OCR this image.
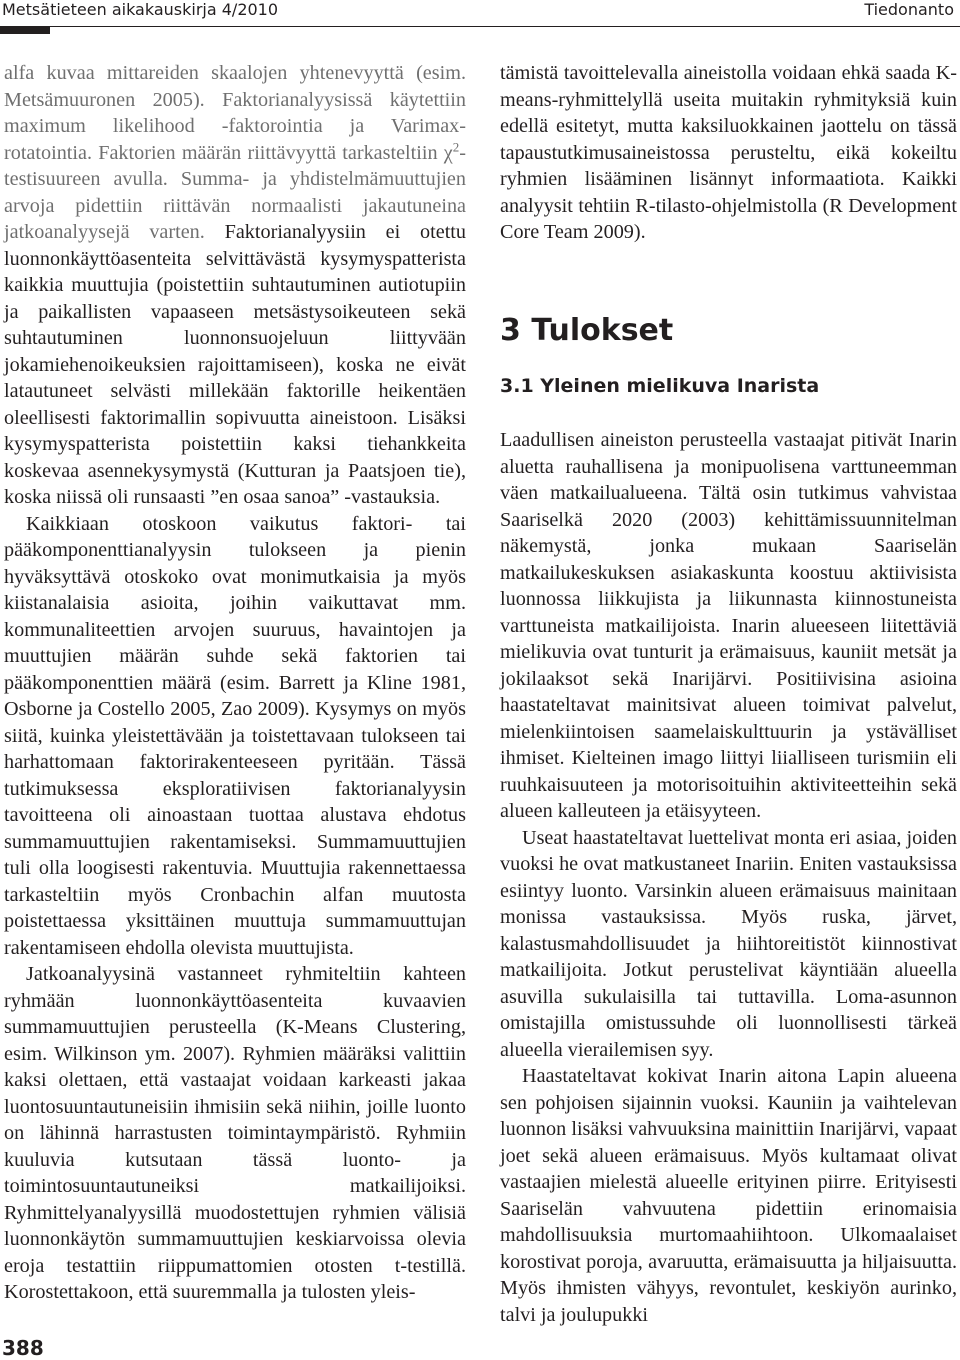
Metsätieteen aikakauskirja 4/2010	Tiedonanto

alfa kuvaa mittareiden skaalojen yhtenevyyttä (esim. Metsämuuronen 2005). Faktorianalyysissä käytettiin maximum likelihood -faktorointia ja Varimax-rotatointia. Faktorien määrän riittävyyttä tarkasteltiin $\chi^2$-testisuureen avulla. Summa- ja yhdistelmämuuttujien arvoja pidettiin riittävän normaalisti jakautuneina jatkoanalyysejä varten. Faktorianalyysiin ei otettu luonnonkäyttöasenteita selvittävästä kysymyspatterista kaikkia muuttujia (poistettiin suhtautuminen autiotupiin ja paikallisten vapaaseen metsästysoikeuteen sekä suhtautuminen luonnonsuojeluun liittyvään jokamiehenoikeuksien rajoittamiseen), koska ne eivät latautuneet selvästi millekään faktorille heikentäen oleellisesti faktorimallin sopivuutta aineistoon. Lisäksi kysymyspatterista poistettiin kaksi tiehankkeita koskevaa asennekysymystä (Kutturan ja Paatsjoen tie), koska niissä oli runsaasti ”en osaa sanoa” -vastauksia.

Kaikkiaan otoskoon vaikutus faktori- tai pääkomponenttianalyysin tulokseen ja pienin hyväksyttävä otoskoko ovat monimutkaisia ja myös kiistanalaisia asioita, joihin vaikuttavat mm. kommunaliteettien arvojen suuruus, havaintojen ja muuttujien määrän suhde sekä faktorien tai pääkomponenttien määrä (esim. Barrett ja Kline 1981, Osborne ja Costello 2005, Zao 2009). Kysymys on myös siitä, kuinka yleistettävään ja toistettavaan tulokseen tai harhattomaan faktorirakenteeseen pyritään. Tässä tutkimuksessa eksploratiivisen faktorianalyysin tavoitteena oli ainoastaan tuottaa alustava ehdotus summamuuttujien rakentamiseksi. Summamuuttujien tuli olla loogisesti rakentuvia. Muuttujia rakennettaessa tarkasteltiin myös Cronbachin alfan muutosta poistettaessa yksittäinen muuttuja summamuuttujan rakentamiseen ehdolla olevista muuttujista.

Jatkoanalyysinä vastanneet ryhmiteltiin kahteen ryhmään luonnonkäyttöasenteita kuvaavien summamuuttujien perusteella (K-Means Clustering, esim. Wilkinson ym. 2007). Ryhmien määräksi valittiin kaksi olettaen, että vastaajat voidaan karkeasti jakaa luontosuuntautuneisiin ihmisiin sekä niihin, joille luonto on lähinnä harrastusten toimintaympäristö. Ryhmiin kuuluvia kutsutaan tässä luonto- ja toimintosuuntautuneiksi matkailijoiksi. Ryhmittelyanalyysillä muodostettujen ryhmien välisiä luonnonkäytön summamuuttujien keskiarvoissa olevia eroja testattiin riippumattomien otosten t-testillä. Korostettakoon, että suuremmalla ja tulosten yleis-

tämistä tavoittelevalla aineistolla voidaan ehkä saada K-means-ryhmittelyllä useita muitakin ryhmityksiä kuin edellä esitetyt, mutta kaksiluokkainen jaottelu on tässä tapaustutkimusaineistossa perusteltu, eikä kokeiltu ryhmien lisääminen lisännyt informaatiota. Kaikki analyysit tehtiin R-tilasto-ohjelmistolla (R Development Core Team 2009).

3 Tulokset
3.1 Yleinen mielikuva Inarista

Laadullisen aineiston perusteella vastaajat pitivät Inarin aluetta rauhallisena ja monipuolisena varttuneemman väen matkailualueena. Tältä osin tutkimus vahvistaa Saariselkä 2020 (2003) kehittämissuunnitelman näkemystä, jonka mukaan Saariselän matkailukeskuksen asiakaskunta koostuu aktiivisista luonnossa liikkujista ja liikunnasta kiinnostuneista varttuneista matkailijoista. Inarin alueeseen liitettäviä mielikuvia ovat tunturit ja erämaisuus, kauniit metsät ja jokilaaksot sekä Inarijärvi. Positiivisina asioina haastateltavat mainitsivat alueen toimivat palvelut, mielenkiintoisen saamelaiskulttuurin ja ystävälliset ihmiset. Kielteinen imago liittyi liialliseen turismiin eli ruuhkaisuuteen ja motorisoituihin aktiviteetteihin sekä alueen kalleuteen ja etäisyyteen.

Useat haastateltavat luettelivat monta eri asiaa, joiden vuoksi he ovat matkustaneet Inariin. Eniten vastauksissa esiintyy luonto. Varsinkin alueen erämaisuus mainitaan monissa vastauksissa. Myös ruska, järvet, kalastusmahdollisuudet ja hiihtoreitistöt kiinnostivat matkailijoita. Jotkut perustelivat käyntiään alueella asuvilla sukulaisilla tai tuttavilla. Loma-asunnon omistajilla omistussuhde oli luonnollisesti tärkeä alueella vierailemisen syy.

Haastateltavat kokivat Inarin aitona Lapin alueena sen pohjoisen sijainnin vuoksi. Kauniin ja vaihtelevan luonnon lisäksi vahvuuksina mainittiin Inarijärvi, vapaat joet sekä alueen erämaisuus. Myös kultamaat olivat vastaajien mielestä alueelle erityinen piirre. Erityisesti Saariselän vahvuutena pidettiin erinomaisia mahdollisuuksia murtomaahiihtoon. Ulkomaalaiset korostivat poroja, avaruutta, erämaisuutta ja hiljaisuutta. Myös ihmisten vähyys, revontulet, keskiyön aurinko, talvi ja joulupukki

388
